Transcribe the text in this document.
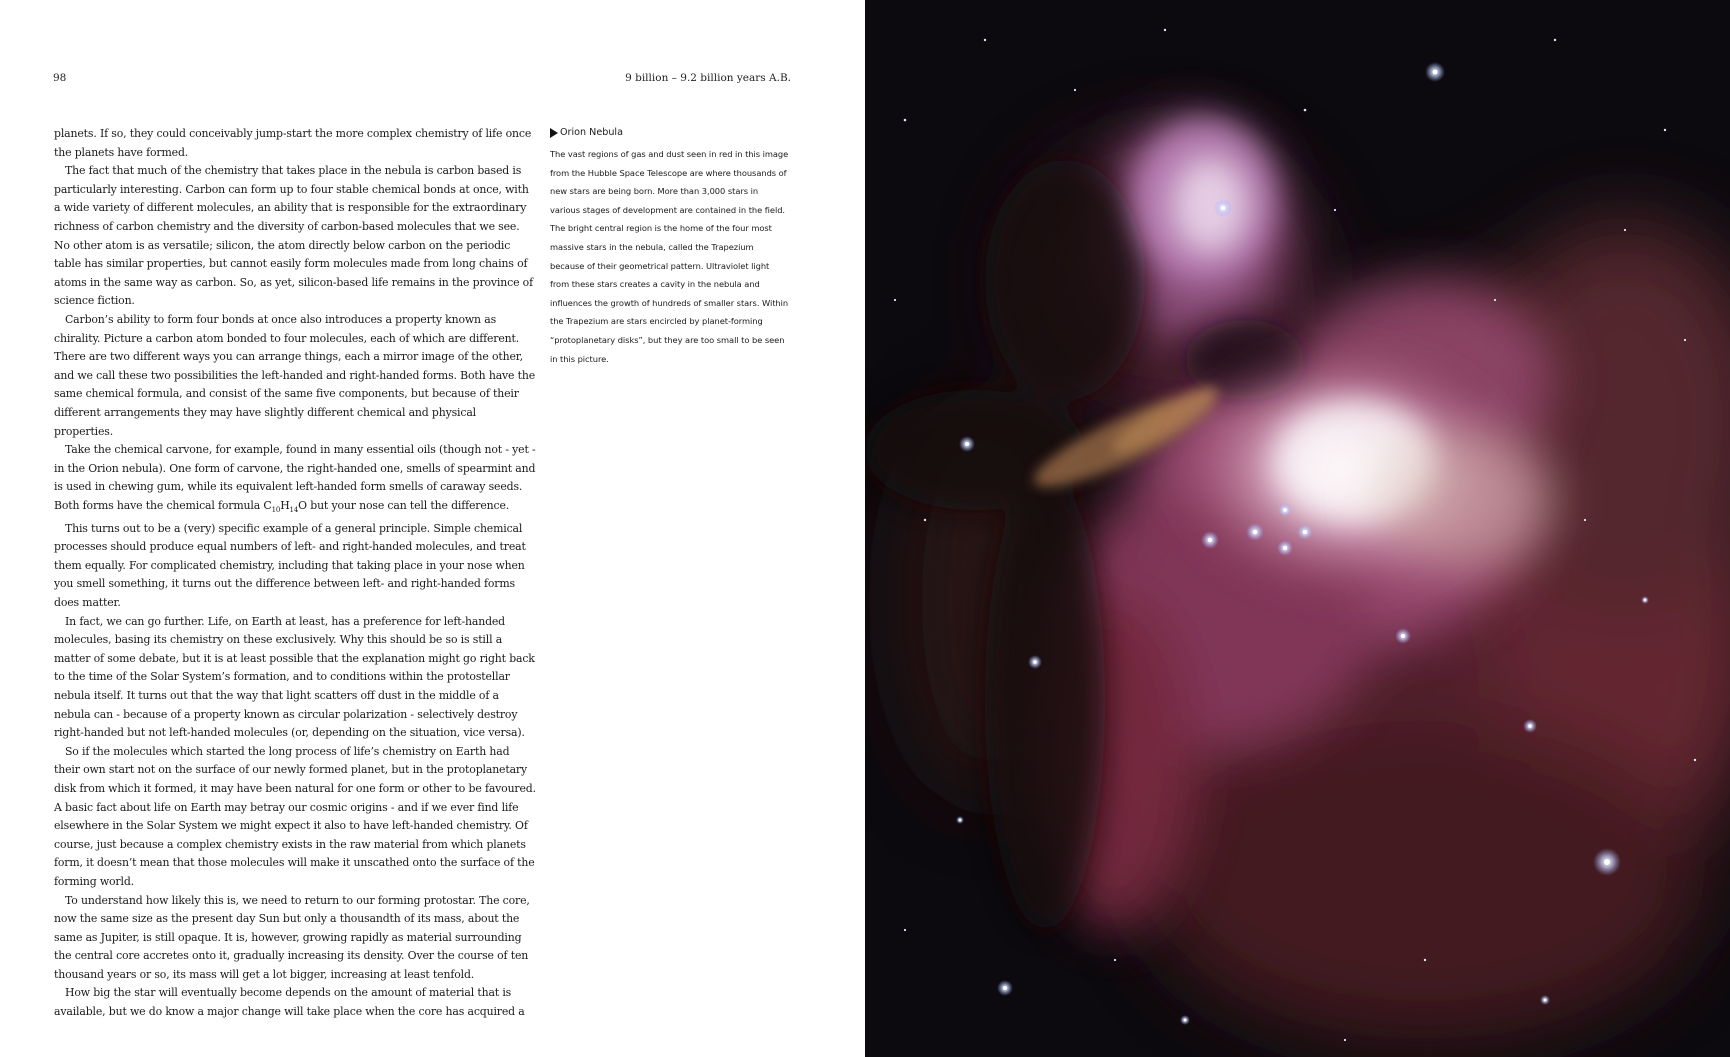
98	9 billion – 9.2 billion years A.B.

planets. If so, they could conceivably jump-start the more complex chemistry of life once the planets have formed.

The fact that much of the chemistry that takes place in the nebula is carbon based is particularly interesting. Carbon can form up to four stable chemical bonds at once, with a wide variety of different molecules, an ability that is responsible for the extraordinary richness of carbon chemistry and the diversity of carbon-based molecules that we see. No other atom is as versatile; silicon, the atom directly below carbon on the periodic table has similar properties, but cannot easily form molecules made from long chains of atoms in the same way as carbon. So, as yet, silicon-based life remains in the province of science fiction.

Carbon’s ability to form four bonds at once also introduces a property known as chirality. Picture a carbon atom bonded to four molecules, each of which are different. There are two different ways you can arrange things, each a mirror image of the other, and we call these two possibilities the left-handed and right-handed forms. Both have the same chemical formula, and consist of the same five components, but because of their different arrangements they may have slightly different chemical and physical properties.

Take the chemical carvone, for example, found in many essential oils (though not - yet - in the Orion nebula). One form of carvone, the right-handed one, smells of spearmint and is used in chewing gum, while its equivalent left-handed form smells of caraway seeds. Both forms have the chemical formula $C_{10}H_{14}O$ but your nose can tell the difference.

This turns out to be a (very) specific example of a general principle. Simple chemical processes should produce equal numbers of left- and right-handed molecules, and treat them equally. For complicated chemistry, including that taking place in your nose when you smell something, it turns out the difference between left- and right-handed forms does matter.

In fact, we can go further. Life, on Earth at least, has a preference for left-handed molecules, basing its chemistry on these exclusively. Why this should be so is still a matter of some debate, but it is at least possible that the explanation might go right back to the time of the Solar System’s formation, and to conditions within the protostellar nebula itself. It turns out that the way that light scatters off dust in the middle of a nebula can - because of a property known as circular polarization - selectively destroy right-handed but not left-handed molecules (or, depending on the situation, vice versa).

So if the molecules which started the long process of life’s chemistry on Earth had their own start not on the surface of our newly formed planet, but in the protoplanetary disk from which it formed, it may have been natural for one form or other to be favoured.

A basic fact about life on Earth may betray our cosmic origins - and if we ever find life elsewhere in the Solar System we might expect it also to have left-handed chemistry. Of course, just because a complex chemistry exists in the raw material from which planets form, it doesn’t mean that those molecules will make it unscathed onto the surface of the forming world.

To understand how likely this is, we need to return to our forming protostar. The core, now the same size as the present day Sun but only a thousandth of its mass, about the same as Jupiter, is still opaque. It is, however, growing rapidly as material surrounding the central core accretes onto it, gradually increasing its density. Over the course of ten thousand years or so, its mass will get a lot bigger, increasing at least tenfold.

How big the star will eventually become depends on the amount of material that is available, but we do know a major change will take place when the core has acquired a

Orion Nebula
The vast regions of gas and dust seen in red in this image from the Hubble Space Telescope are where thousands of new stars are being born. More than 3,000 stars in various stages of development are contained in the field. The bright central region is the home of the four most massive stars in the nebula, called the Trapezium because of their geometrical pattern. Ultraviolet light from these stars creates a cavity in the nebula and influences the growth of hundreds of smaller stars. Within the Trapezium are stars encircled by planet-forming “protoplanetary disks”, but they are too small to be seen in this picture.
